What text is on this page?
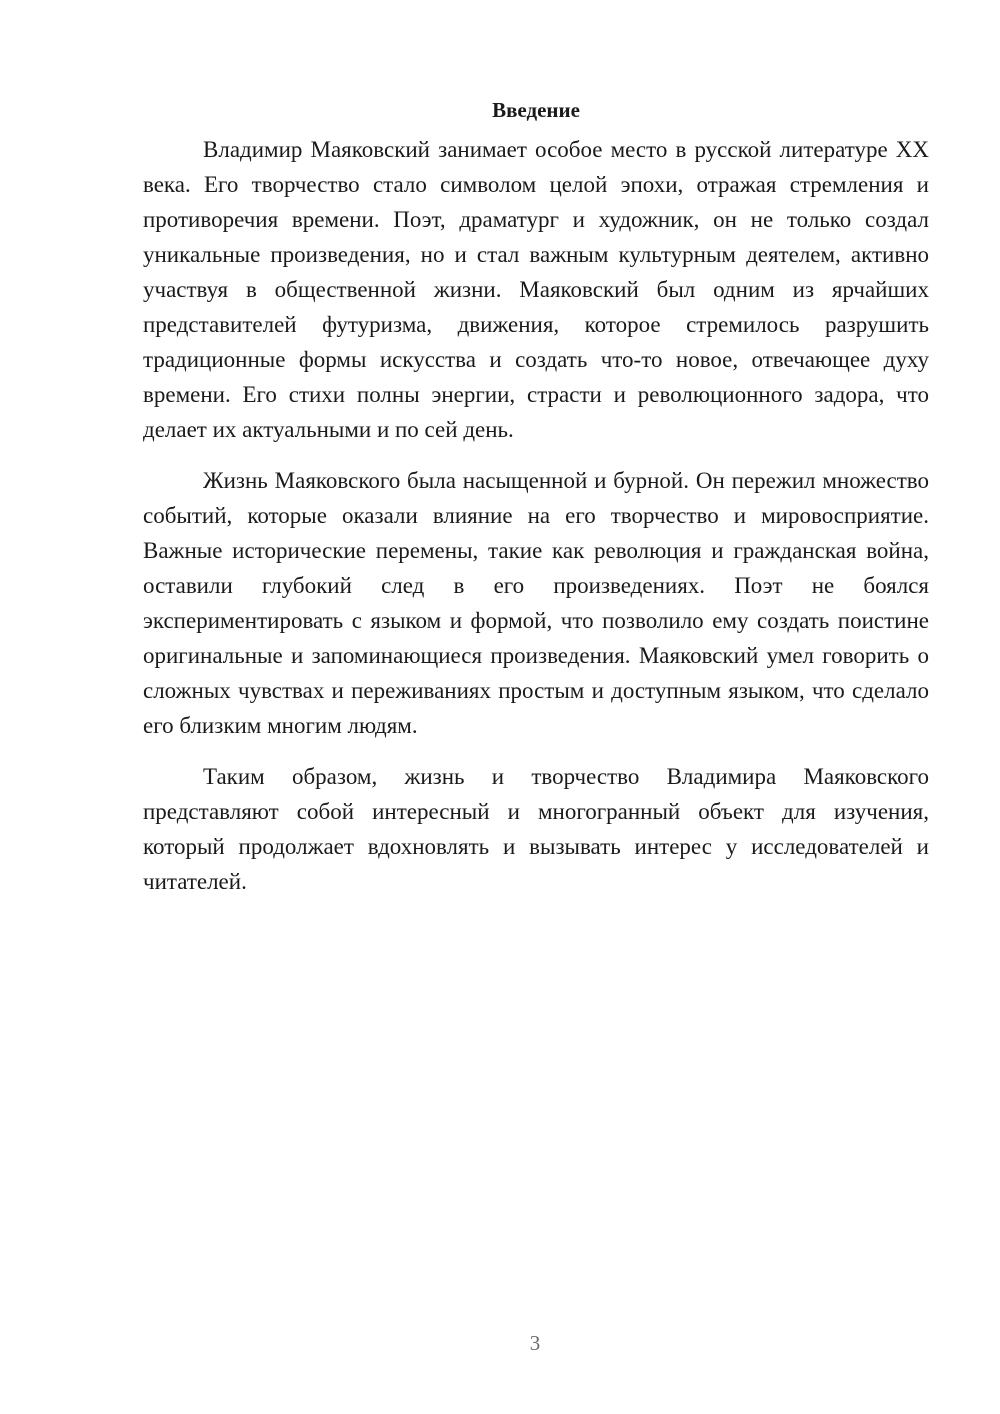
Введение

Владимир Маяковский занимает особое место в русской литературе XX века. Его творчество стало символом целой эпохи, отражая стремления и противоречия времени. Поэт, драматург и художник, он не только создал уникальные произведения, но и стал важным культурным деятелем, активно участвуя в общественной жизни. Маяковский был одним из ярчайших представителей футуризма, движения, которое стремилось разрушить традиционные формы искусства и создать что-то новое, отвечающее духу времени. Его стихи полны энергии, страсти и революционного задора, что делает их актуальными и по сей день.

Жизнь Маяковского была насыщенной и бурной. Он пережил множество событий, которые оказали влияние на его творчество и мировосприятие. Важные исторические перемены, такие как революция и гражданская война, оставили глубокий след в его произведениях. Поэт не боялся экспериментировать с языком и формой, что позволило ему создать поистине оригинальные и запоминающиеся произведения. Маяковский умел говорить о сложных чувствах и переживаниях простым и доступным языком, что сделало его близким многим людям.

Таким образом, жизнь и творчество Владимира Маяковского представляют собой интересный и многогранный объект для изучения, который продолжает вдохновлять и вызывать интерес у исследователей и читателей.

3
